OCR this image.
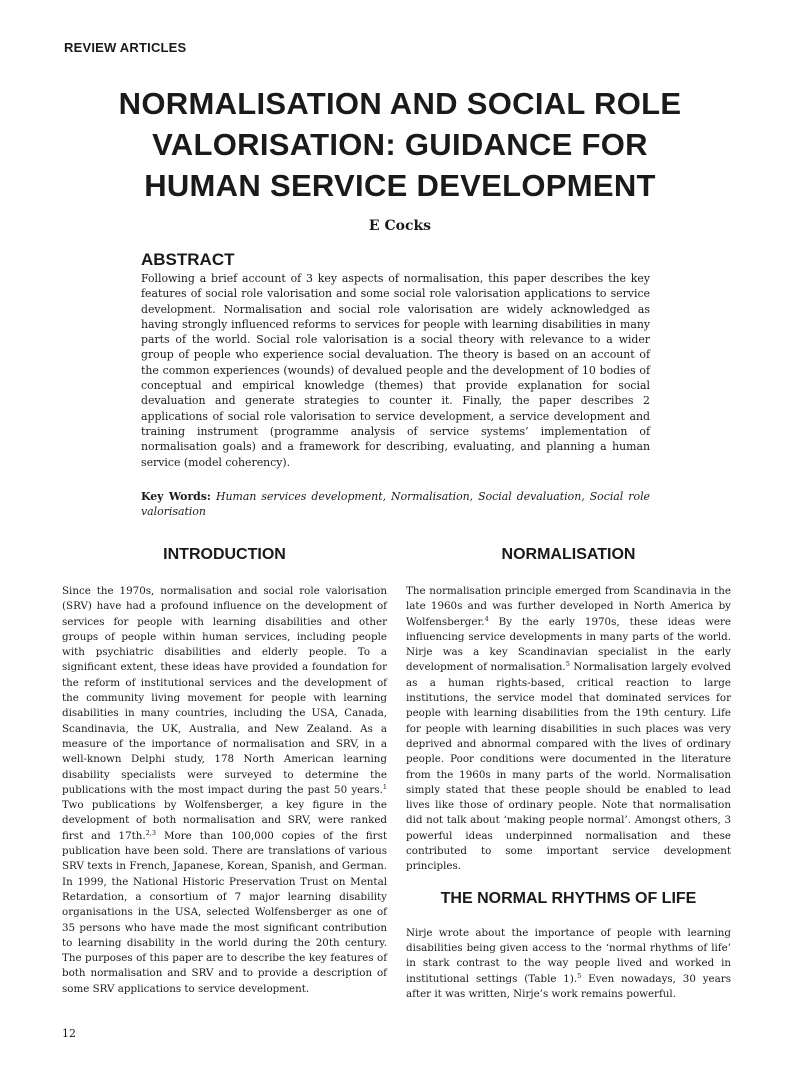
REVIEW ARTICLES
NORMALISATION AND SOCIAL ROLE
VALORISATION: GUIDANCE FOR
HUMAN SERVICE DEVELOPMENT
E Cocks
ABSTRACT

Following a brief account of 3 key aspects of normalisation, this paper describes the key features of social role valorisation and some social role valorisation applications to service development. Normalisation and social role valorisation are widely acknowledged as having strongly influenced reforms to services for people with learning disabilities in many parts of the world. Social role valorisation is a social theory with relevance to a wider group of people who experience social devaluation. The theory is based on an account of the common experiences (wounds) of devalued people and the development of 10 bodies of conceptual and empirical knowledge (themes) that provide explanation for social devaluation and generate strategies to counter it. Finally, the paper describes 2 applications of social role valorisation to service development, a service development and training instrument (programme analysis of service systems’ implementation of normalisation goals) and a framework for describing, evaluating, and planning a human service (model coherency).

Key Words: Human services development, Normalisation, Social devaluation, Social role valorisation

INTRODUCTION

Since the 1970s, normalisation and social role valorisation (SRV) have had a profound influence on the development of services for people with learning disabilities and other groups of people within human services, including people with psychiatric disabilities and elderly people. To a significant extent, these ideas have provided a foundation for the reform of institutional services and the development of the community living movement for people with learning disabilities in many countries, including the USA, Canada, Scandinavia, the UK, Australia, and New Zealand. As a measure of the importance of normalisation and SRV, in a well-known Delphi study, 178 North American learning disability specialists were surveyed to determine the publications with the most impact during the past 50 years.$^1$ Two publications by Wolfensberger, a key figure in the development of both normalisation and SRV, were ranked first and 17th.$^{2,3}$ More than 100,000 copies of the first publication have been sold. There are translations of various SRV texts in French, Japanese, Korean, Spanish, and German. In 1999, the National Historic Preservation Trust on Mental Retardation, a consortium of 7 major learning disability organisations in the USA, selected Wolfensberger as one of 35 persons who have made the most significant contribution to learning disability in the world during the 20th century. The purposes of this paper are to describe the key features of both normalisation and SRV and to provide a description of some SRV applications to service development.

NORMALISATION

The normalisation principle emerged from Scandinavia in the late 1960s and was further developed in North America by Wolfensberger.$^4$ By the early 1970s, these ideas were influencing service developments in many parts of the world. Nirje was a key Scandinavian specialist in the early development of normalisation.$^5$ Normalisation largely evolved as a human rights-based, critical reaction to large institutions, the service model that dominated services for people with learning disabilities from the 19th century. Life for people with learning disabilities in such places was very deprived and abnormal compared with the lives of ordinary people. Poor conditions were documented in the literature from the 1960s in many parts of the world. Normalisation simply stated that these people should be enabled to lead lives like those of ordinary people. Note that normalisation did not talk about ‘making people normal’. Amongst others, 3 powerful ideas underpinned normalisation and these contributed to some important service development principles.

THE NORMAL RHYTHMS OF LIFE

Nirje wrote about the importance of people with learning disabilities being given access to the ‘normal rhythms of life’ in stark contrast to the way people lived and worked in institutional settings (Table 1).$^5$ Even nowadays, 30 years after it was written, Nirje’s work remains powerful.

12
